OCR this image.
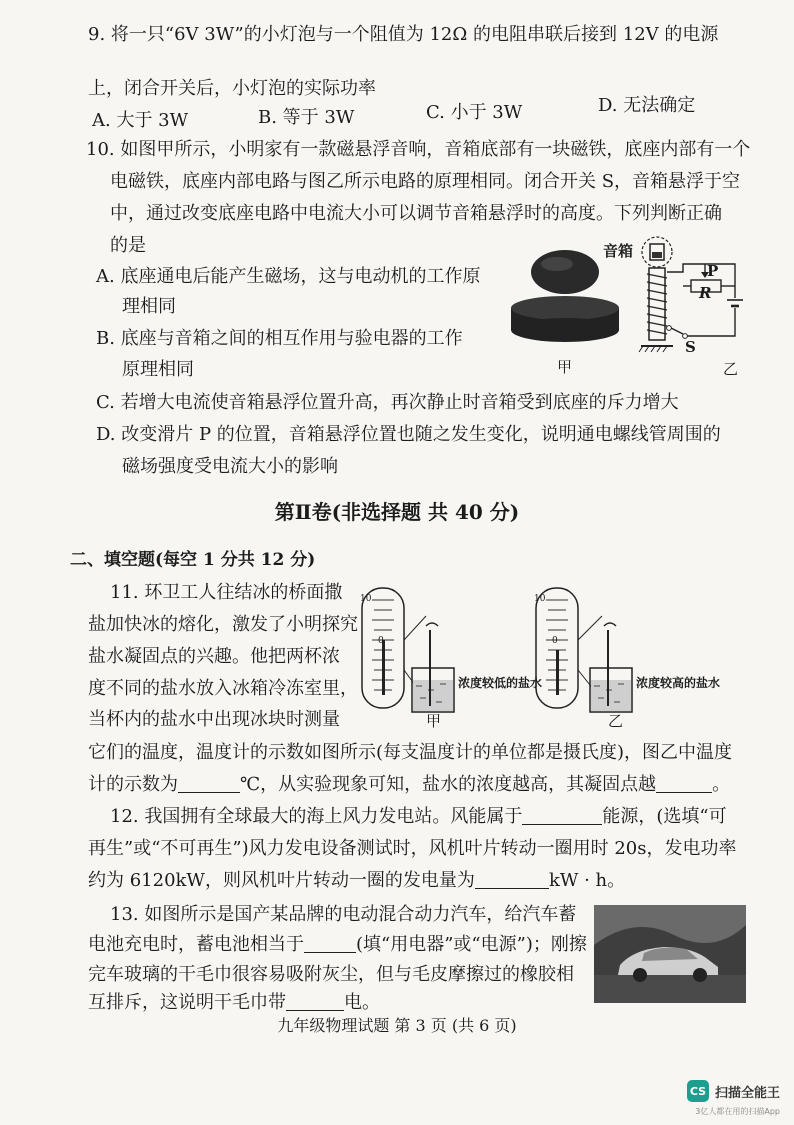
9. 将一只“6V 3W”的小灯泡与一个阻值为 12Ω 的电阻串联后接到 12V 的电源
上，闭合开关后，小灯泡的实际功率
A. 大于 3W	B. 等于 3W	C. 小于 3W	D. 无法确定
10. 如图甲所示，小明家有一款磁悬浮音响，音箱底部有一块磁铁，底座内部有一个
电磁铁，底座内部电路与图乙所示电路的原理相同。闭合开关 S，音箱悬浮于空
中，通过改变底座电路中电流大小可以调节音箱悬浮时的高度。下列判断正确
的是
A. 底座通电后能产生磁场，这与电动机的工作原
理相同
B. 底座与音箱之间的相互作用与验电器的工作
原理相同
C. 若增大电流使音箱悬浮位置升高，再次静止时音箱受到底座的斥力增大
D. 改变滑片 P 的位置，音箱悬浮位置也随之发生变化，说明通电螺线管周围的
磁场强度受电流大小的影响
甲
音箱
P
R
S
乙
第Ⅱ卷(非选择题 共 40 分)
二、填空题(每空 1 分共 12 分)
11. 环卫工人往结冰的桥面撒
盐加快冰的熔化，激发了小明探究
盐水凝固点的兴趣。他把两杯浓
度不同的盐水放入冰箱冷冻室里，
当杯内的盐水中出现冰块时测量
它们的温度，温度计的示数如图所示(每支温度计的单位都是摄氏度)，图乙中温度
计的示数为	℃，从实验现象可知，盐水的浓度越高，其凝固点越	。
10
0
10
0
浓度较低的盐水	浓度较高的盐水
甲	乙
12. 我国拥有全球最大的海上风力发电站。风能属于	能源，(选填“可
再生”或“不可再生”)风力发电设备测试时，风机叶片转动一圈用时 20s，发电功率
约为 6120kW，则风机叶片转动一圈的发电量为	kW · h。
13. 如图所示是国产某品牌的电动混合动力汽车，给汽车蓄
电池充电时，蓄电池相当于	(填“用电器”或“电源”)；刚擦
完车玻璃的干毛巾很容易吸附灰尘，但与毛皮摩擦过的橡胶相
互排斥，这说明干毛巾带	电。
九年级物理试题 第 3 页 (共 6 页)
CS 扫描全能王
3亿人都在用的扫描App
